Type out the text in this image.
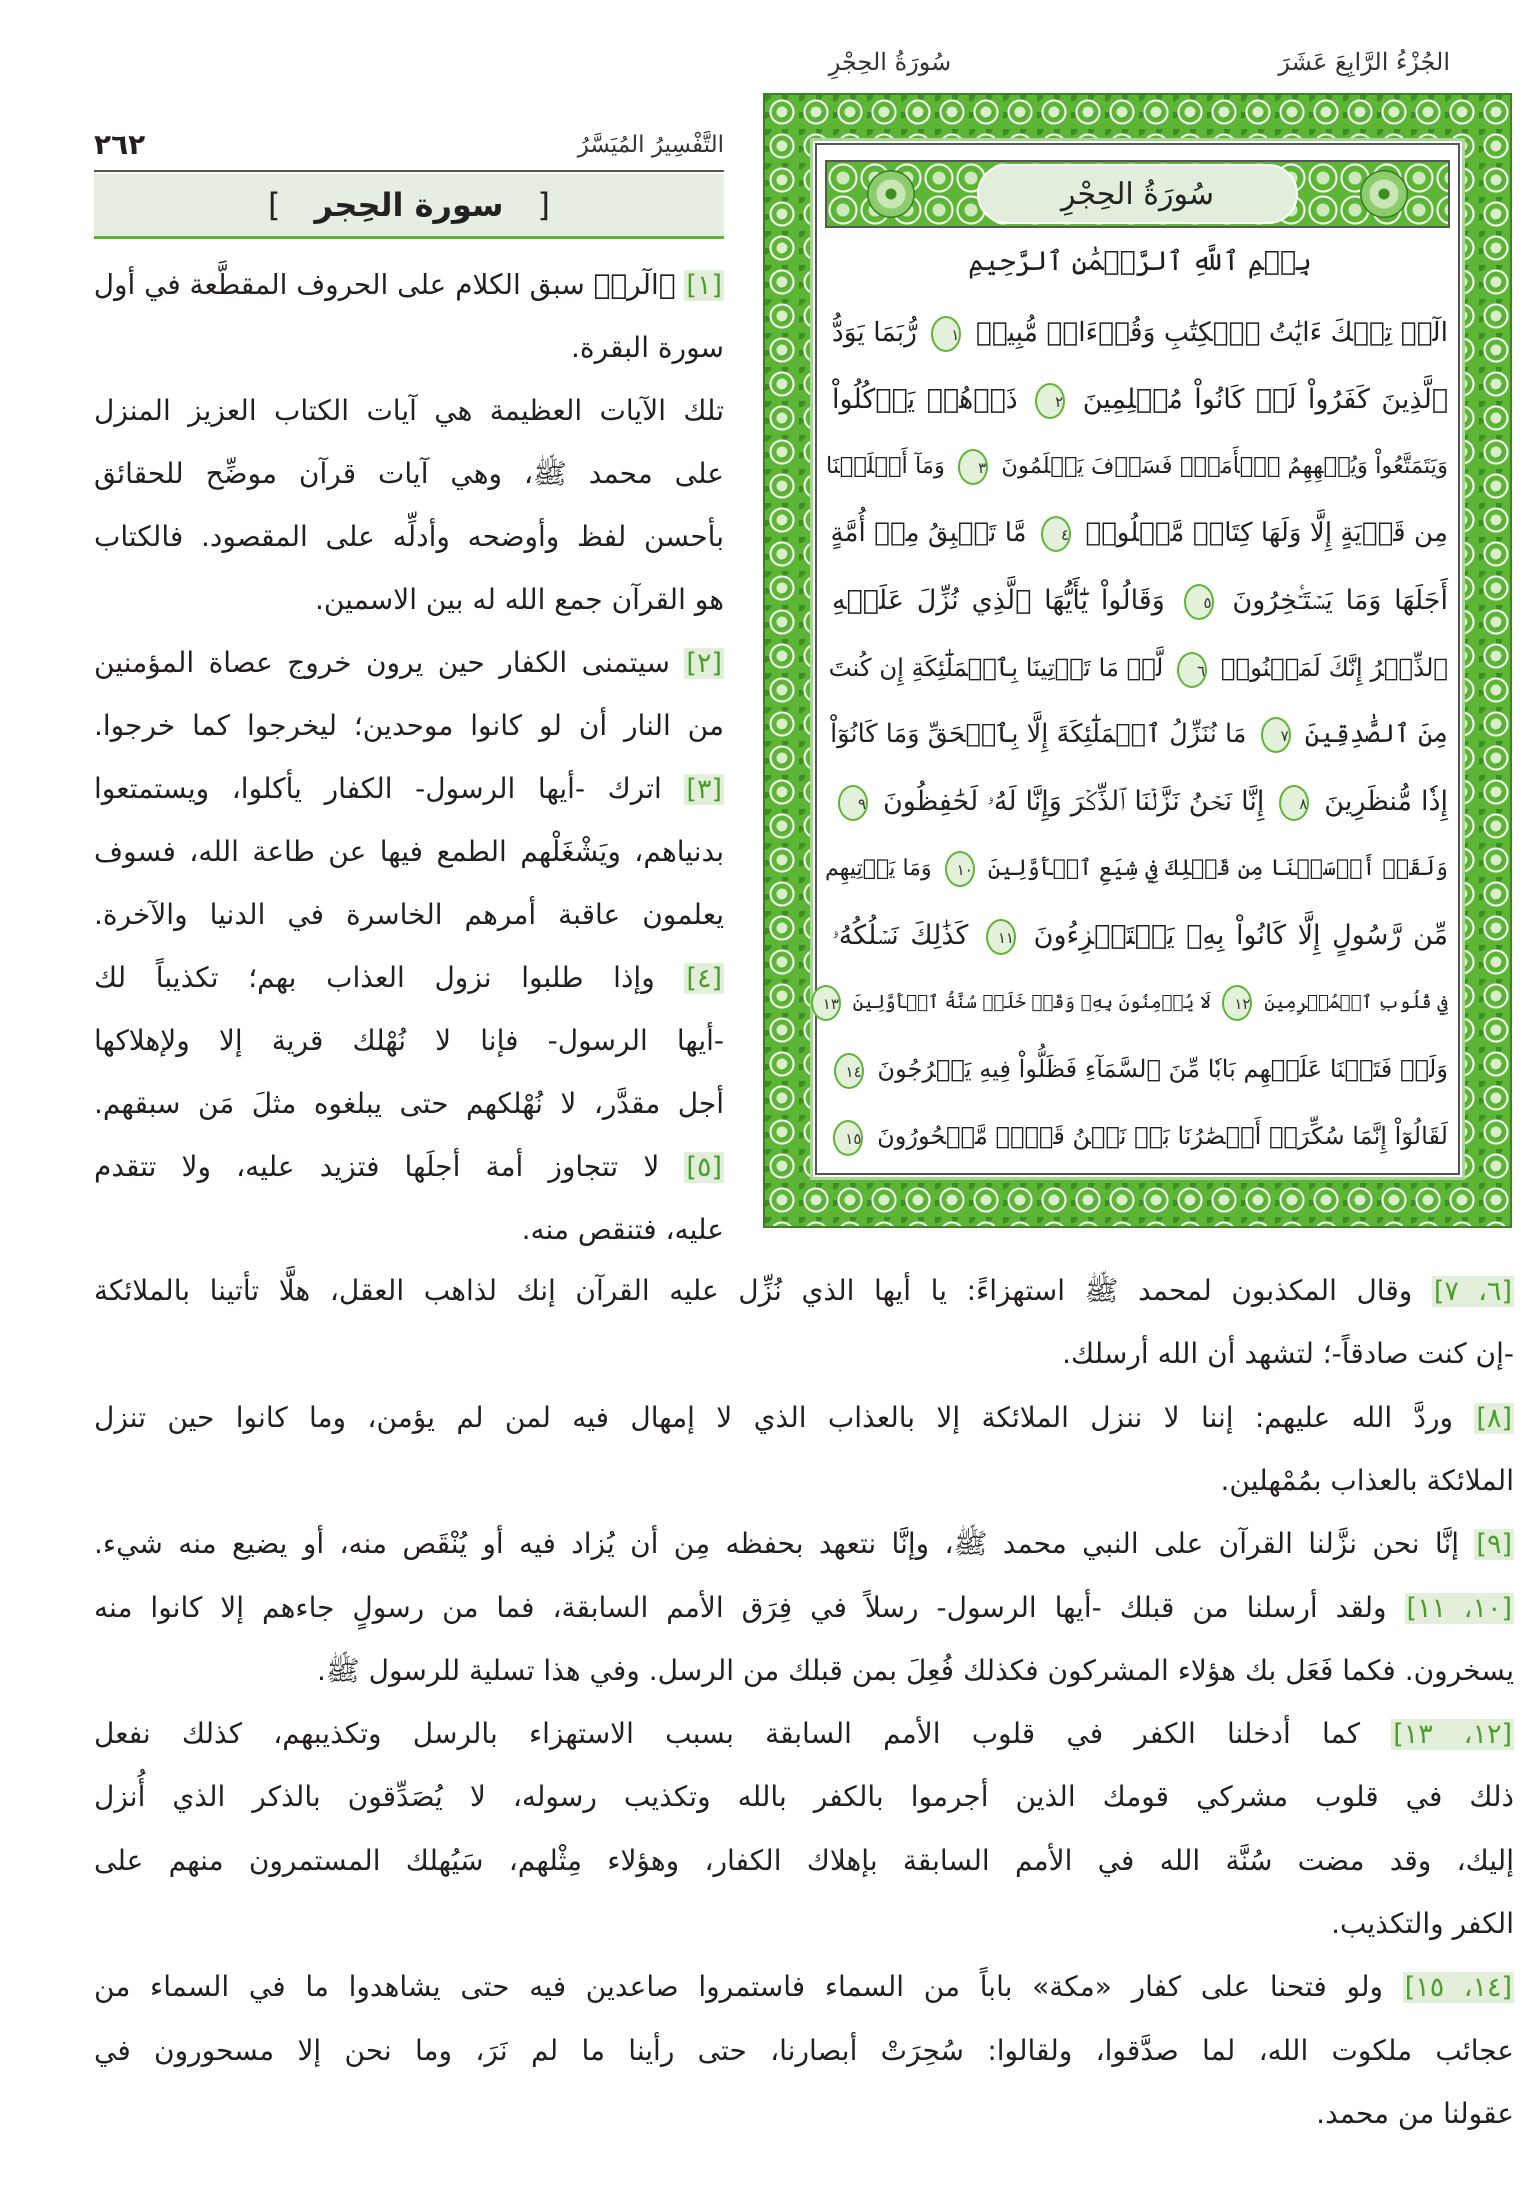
الجُزْءُ الرَّابِعَ عَشَرَ
سُورَةُ الحِجْرِ
التَّفْسِيرُ المُيَسَّرُ
٢٦٢
[
سورة الحِجر
]
[١] ﴿الٓرۚ﴾ سبق الكلام على الحروف المقطَّعة في أول
سورة البقرة.
تلك الآيات العظيمة هي آيات الكتاب العزيز المنزل
على محمد ﷺ، وهي آيات قرآن موضِّح للحقائق
بأحسن لفظ وأوضحه وأدلِّه على المقصود. فالكتاب
هو القرآن جمع الله له بين الاسمين.
[٢] سيتمنى الكفار حين يرون خروج عصاة المؤمنين
من النار أن لو كانوا موحدين؛ ليخرجوا كما خرجوا.
[٣] اترك -أيها الرسول- الكفار يأكلوا، ويستمتعوا
بدنياهم، ويَشْغَلْهم الطمع فيها عن طاعة الله، فسوف
يعلمون عاقبة أمرهم الخاسرة في الدنيا والآخرة.
[٤] وإذا طلبوا نزول العذاب بهم؛ تكذيباً لك
-أيها الرسول- فإنا لا نُهْلك قرية إلا ولإهلاكها
أجل مقدَّر، لا نُهْلكهم حتى يبلغوه مثلَ مَن سبقهم.
[٥] لا تتجاوز أمة أجلَها فتزيد عليه، ولا تتقدم
عليه، فتنقص منه.
[٦، ٧] وقال المكذبون لمحمد ﷺ استهزاءً: يا أيها الذي نُزِّل عليه القرآن إنك لذاهب العقل، هلَّا تأتينا بالملائكة
-إن كنت صادقاً-؛ لتشهد أن الله أرسلك.
[٨] وردَّ الله عليهم: إننا لا ننزل الملائكة إلا بالعذاب الذي لا إمهال فيه لمن لم يؤمن، وما كانوا حين تنزل
الملائكة بالعذاب بمُمْهلين.
[٩] إنَّا نحن نزَّلنا القرآن على النبي محمد ﷺ، وإنَّا نتعهد بحفظه مِن أن يُزاد فيه أو يُنْقَص منه، أو يضيع منه شيء.
[١٠، ١١] ولقد أرسلنا من قبلك -أيها الرسول- رسلاً في فِرَق الأمم السابقة، فما من رسولٍ جاءهم إلا كانوا منه
يسخرون. فكما فَعَل بك هؤلاء المشركون فكذلك فُعِلَ بمن قبلك من الرسل. وفي هذا تسلية للرسول ﷺ.
[١٢، ١٣] كما أدخلنا الكفر في قلوب الأمم السابقة بسبب الاستهزاء بالرسل وتكذيبهم، كذلك نفعل
ذلك في قلوب مشركي قومك الذين أجرموا بالكفر بالله وتكذيب رسوله، لا يُصَدِّقون بالذكر الذي أُنزل
إليك، وقد مضت سُنَّة الله في الأمم السابقة بإهلاك الكفار، وهؤلاء مِثْلهم، سَيُهلك المستمرون منهم على
الكفر والتكذيب.
[١٤، ١٥] ولو فتحنا على كفار «مكة» باباً من السماء فاستمروا صاعدين فيه حتى يشاهدوا ما في السماء من
عجائب ملكوت الله، لما صدَّقوا، ولقالوا: سُحِرَتْ أبصارنا، حتى رأينا ما لم نَرَ، وما نحن إلا مسحورون في
عقولنا من محمد.
سُورَةُ الحِجْرِ
بِسۡمِ ٱللَّهِ ٱلرَّحۡمَٰنِ ٱلرَّحِيمِ
الٓرۚ تِلۡكَ ءَايَٰتُ ٱلۡكِتَٰبِ وَقُرۡءَانٖ مُّبِينٖ ١ رُّبَمَا يَوَدُّ
ٱلَّذِينَ كَفَرُواْ لَوۡ كَانُواْ مُسۡلِمِينَ ٢ ذَرۡهُمۡ يَأۡكُلُواْ
وَيَتَمَتَّعُواْ وَيُلۡهِهِمُ ٱلۡأَمَلُۖ فَسَوۡفَ يَعۡلَمُونَ ٣ وَمَآ أَهۡلَكۡنَا
مِن قَرۡيَةٍ إِلَّا وَلَهَا كِتَابٞ مَّعۡلُومٞ ٤ مَّا تَسۡبِقُ مِنۡ أُمَّةٍ
أَجَلَهَا وَمَا يَسۡتَـٔۡخِرُونَ ٥ وَقَالُواْ يَٰٓأَيُّهَا ٱلَّذِي نُزِّلَ عَلَيۡهِ
ٱلذِّكۡرُ إِنَّكَ لَمَجۡنُونٞ ٦ لَّوۡ مَا تَأۡتِينَا بِٱلۡمَلَٰٓئِكَةِ إِن كُنتَ
مِنَ ٱلصَّٰدِقِينَ ٧ مَا نُنَزِّلُ ٱلۡمَلَٰٓئِكَةَ إِلَّا بِٱلۡحَقِّ وَمَا كَانُوٓاْ
إِذٗا مُّنظَرِينَ ٨ إِنَّا نَحۡنُ نَزَّلۡنَا ٱلذِّكۡرَ وَإِنَّا لَهُۥ لَحَٰفِظُونَ ٩
وَلَقَدۡ أَرۡسَلۡنَا مِن قَبۡلِكَ فِي شِيَعِ ٱلۡأَوَّلِينَ ١٠ وَمَا يَأۡتِيهِم
مِّن رَّسُولٍ إِلَّا كَانُواْ بِهِۦ يَسۡتَهۡزِءُونَ ١١ كَذَٰلِكَ نَسۡلُكُهُۥ
فِي قُلُوبِ ٱلۡمُجۡرِمِينَ ١٢ لَا يُؤۡمِنُونَ بِهِۦ وَقَدۡ خَلَتۡ سُنَّةُ ٱلۡأَوَّلِينَ ١٣
وَلَوۡ فَتَحۡنَا عَلَيۡهِم بَابٗا مِّنَ ٱلسَّمَآءِ فَظَلُّواْ فِيهِ يَعۡرُجُونَ ١٤
لَقَالُوٓاْ إِنَّمَا سُكِّرَتۡ أَبۡصَٰرُنَا بَلۡ نَحۡنُ قَوۡمٞ مَّسۡحُورُونَ ١٥
